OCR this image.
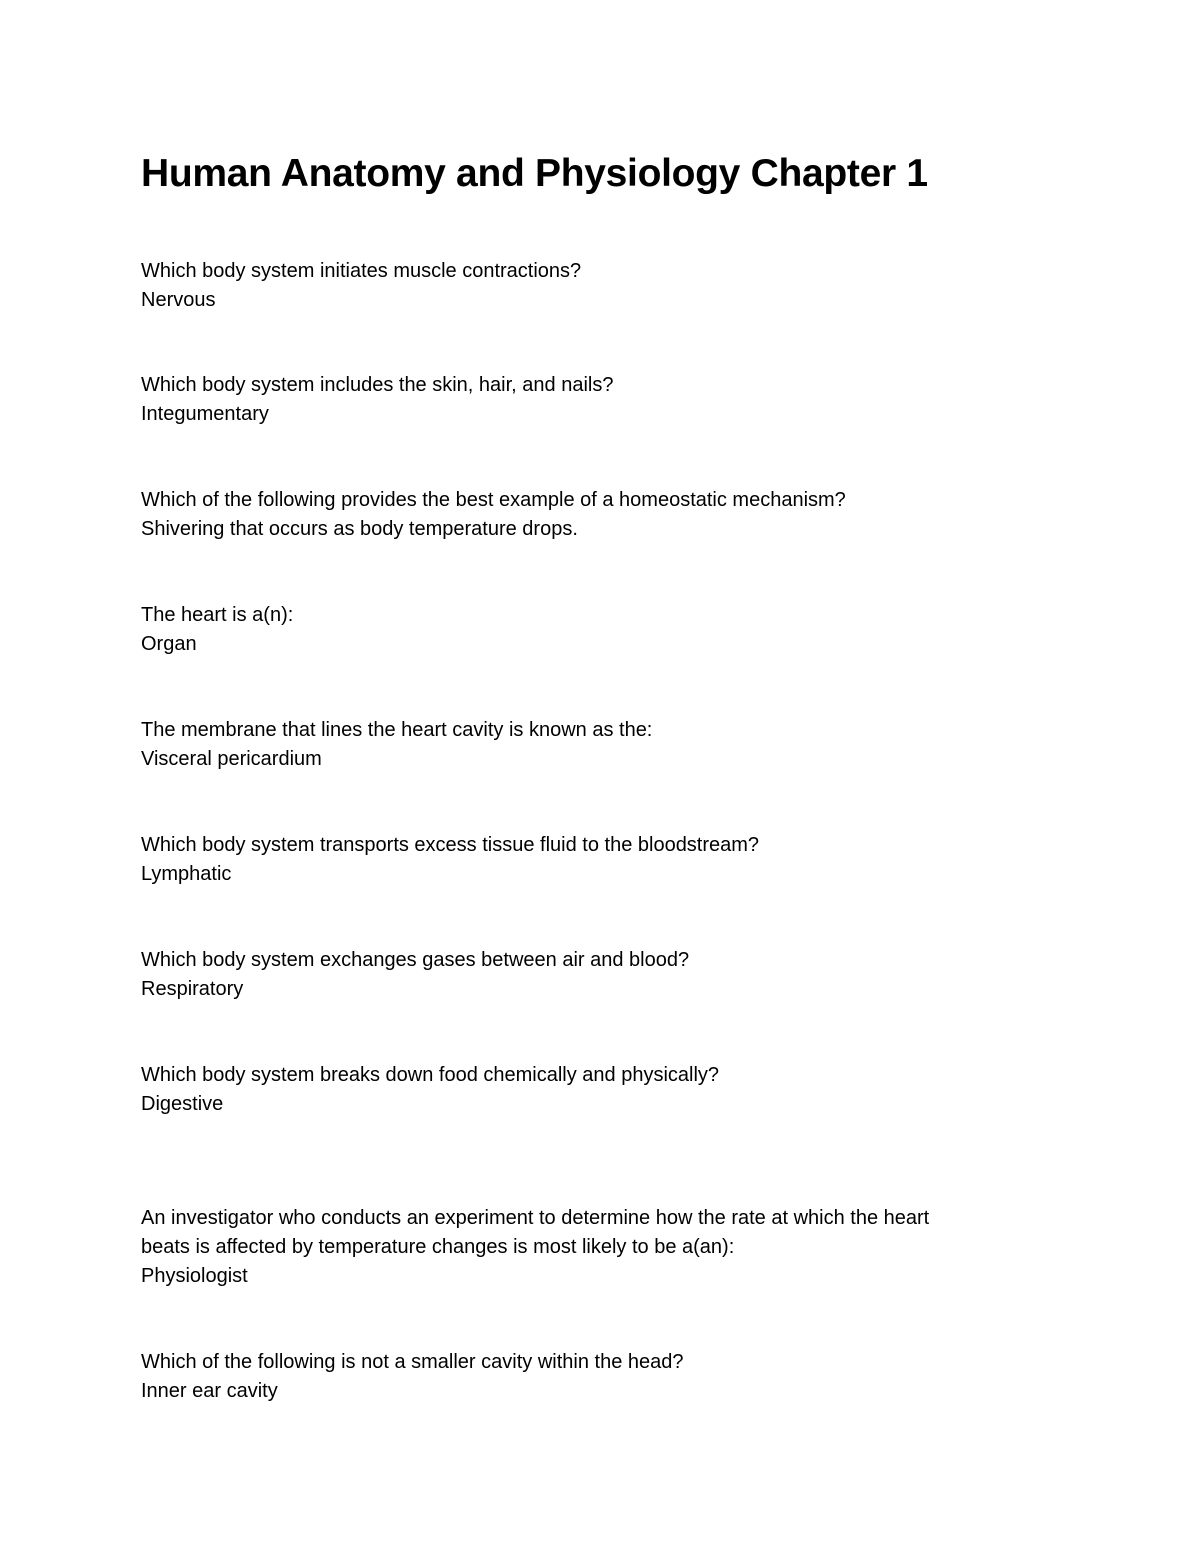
Human Anatomy and Physiology Chapter 1

Which body system initiates muscle contractions?

Nervous

Which body system includes the skin, hair, and nails?

Integumentary

Which of the following provides the best example of a homeostatic mechanism?

Shivering that occurs as body temperature drops.

The heart is a(n):

Organ

The membrane that lines the heart cavity is known as the:

Visceral pericardium

Which body system transports excess tissue fluid to the bloodstream?

Lymphatic

Which body system exchanges gases between air and blood?

Respiratory

Which body system breaks down food chemically and physically?

Digestive

An investigator who conducts an experiment to determine how the rate at which the heart

beats is affected by temperature changes is most likely to be a(an):

Physiologist

Which of the following is not a smaller cavity within the head?

Inner ear cavity
